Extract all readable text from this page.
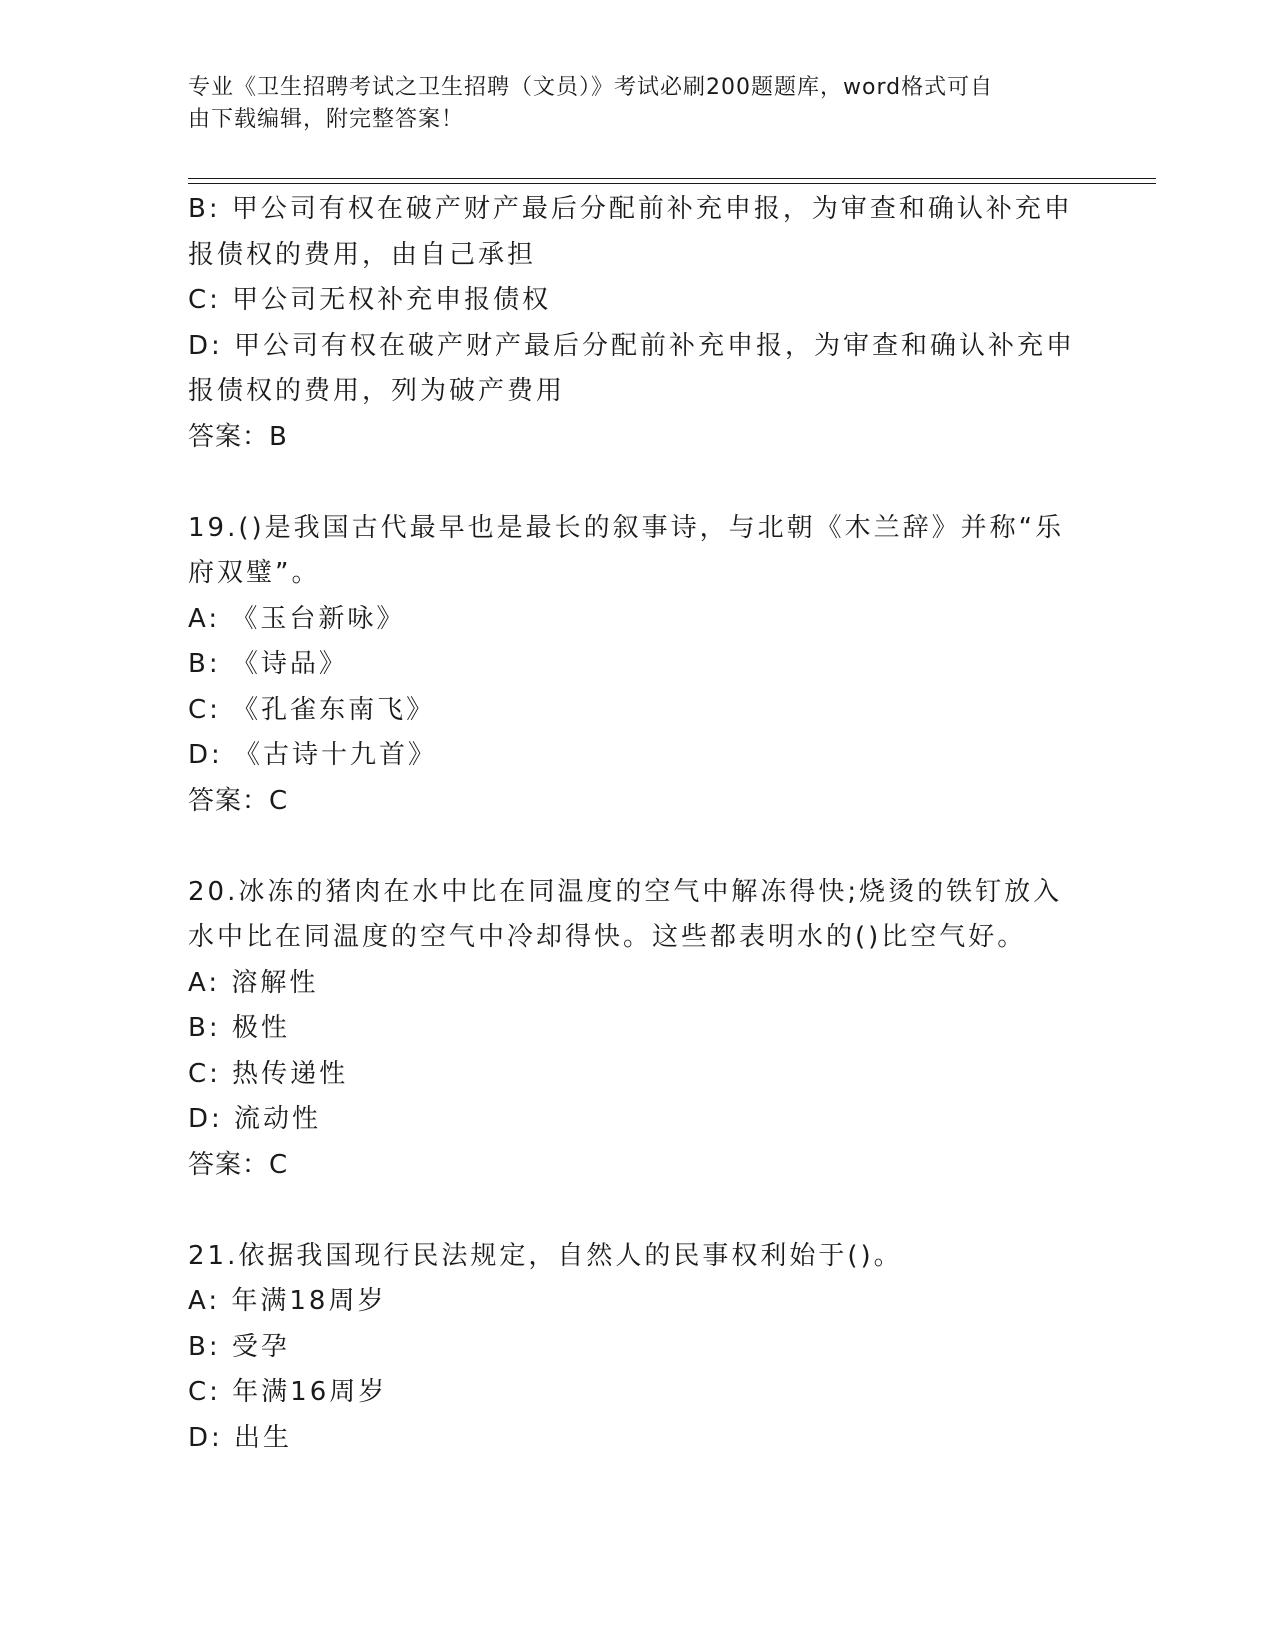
专业《卫生招聘考试之卫生招聘（文员）》考试必刷200题题库，word格式可自
由下载编辑，附完整答案！
B: 甲公司有权在破产财产最后分配前补充申报，为审查和确认补充申
报债权的费用，由自己承担
C: 甲公司无权补充申报债权
D: 甲公司有权在破产财产最后分配前补充申报，为审查和确认补充申
报债权的费用，列为破产费用
答案：B
19.()是我国古代最早也是最长的叙事诗，与北朝《木兰辞》并称“乐
府双璧”。
A: 《玉台新咏》
B: 《诗品》
C: 《孔雀东南飞》
D: 《古诗十九首》
答案：C
20.冰冻的猪肉在水中比在同温度的空气中解冻得快;烧烫的铁钉放入
水中比在同温度的空气中冷却得快。这些都表明水的()比空气好。
A: 溶解性
B: 极性
C: 热传递性
D: 流动性
答案：C
21.依据我国现行民法规定，自然人的民事权利始于()。
A: 年满18周岁
B: 受孕
C: 年满16周岁
D: 出生
